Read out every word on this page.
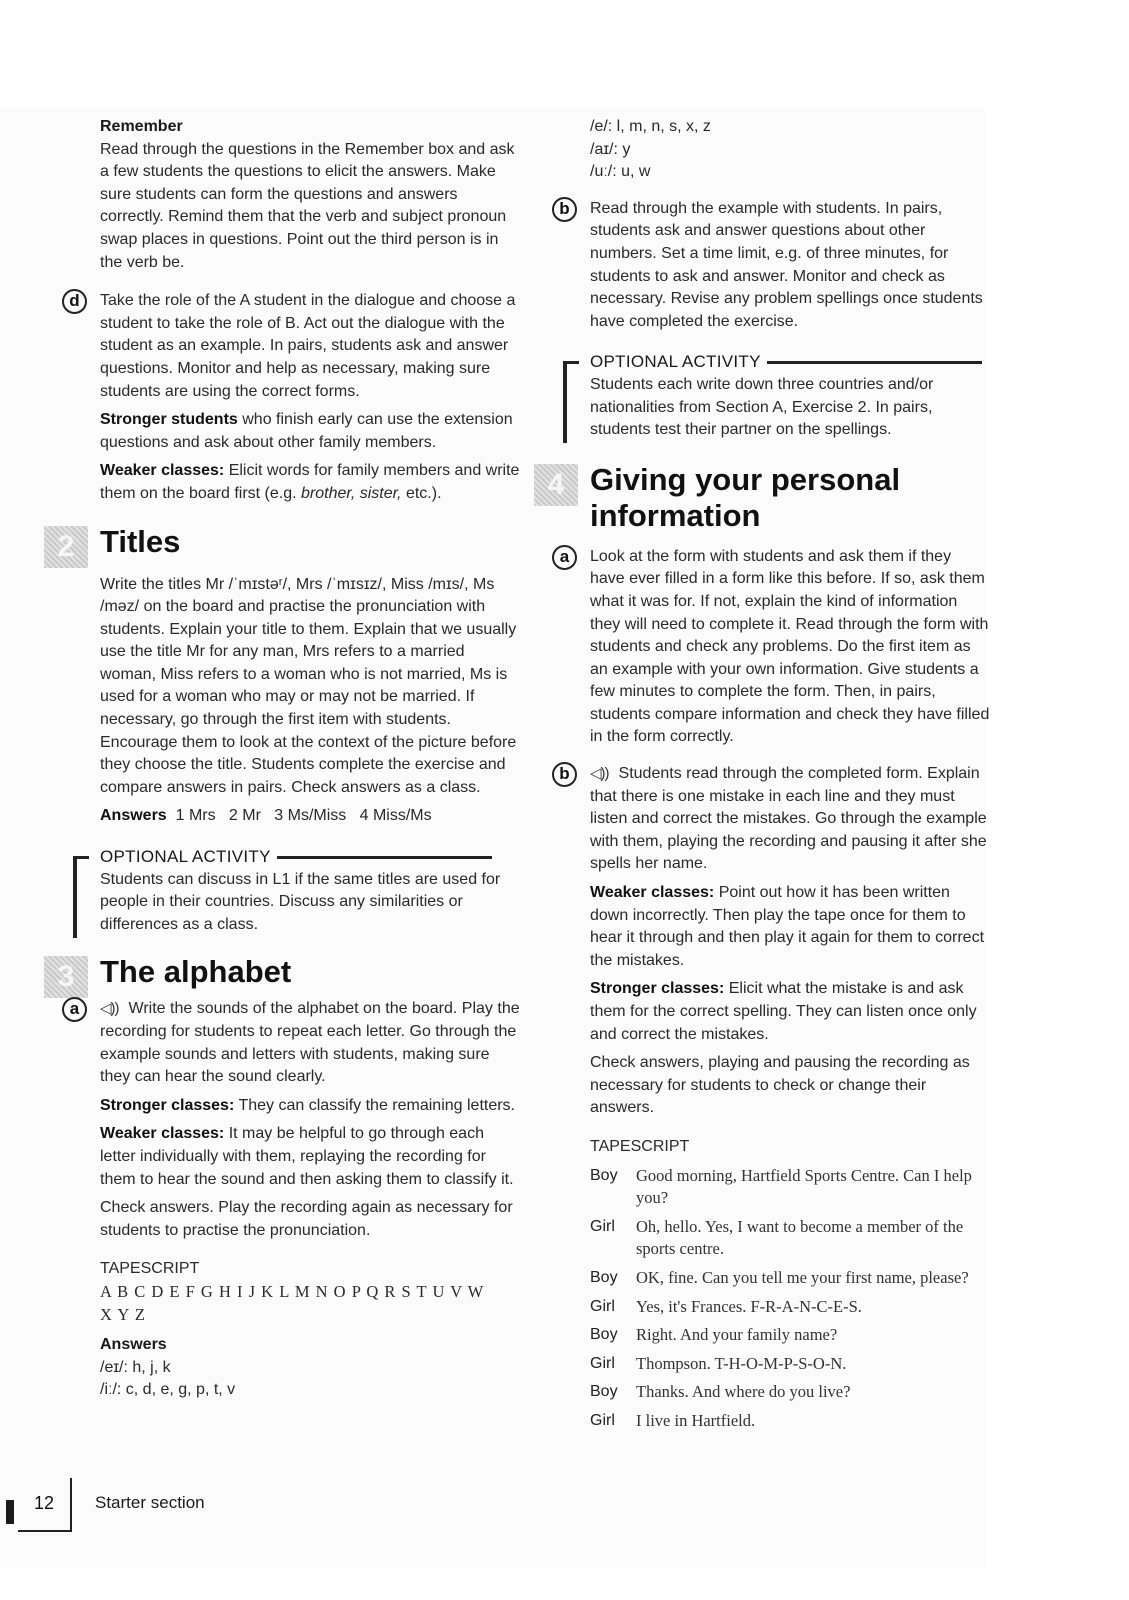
Remember

Read through the questions in the Remember box and ask a few students the questions to elicit the answers. Make sure students can form the questions and answers correctly. Remind them that the verb and subject pronoun swap places in questions. Point out the third person is in the verb be.

d	Take the role of the A student in the dialogue and choose a student to take the role of B. Act out the dialogue with the student as an example. In pairs, students ask and answer questions. Monitor and help as necessary, making sure students are using the correct forms.

Stronger students who finish early can use the extension questions and ask about other family members.

Weaker classes: Elicit words for family members and write them on the board first (e.g. brother, sister, etc.).

2 Titles

Write the titles Mr /ˈmɪstəʳ/, Mrs /ˈmɪsɪz/, Miss /mɪs/, Ms /məz/ on the board and practise the pronunciation with students. Explain your title to them. Explain that we usually use the title Mr for any man, Mrs refers to a married woman, Miss refers to a woman who is not married, Ms is used for a woman who may or may not be married. If necessary, go through the first item with students. Encourage them to look at the context of the picture before they choose the title. Students complete the exercise and compare answers in pairs. Check answers as a class.

Answers 1 Mrs   2 Mr   3 Ms/Miss   4 Miss/Ms

OPTIONAL ACTIVITY

Students can discuss in L1 if the same titles are used for people in their countries. Discuss any similarities or differences as a class.

3 The alphabet
a	◁)) Write the sounds of the alphabet on the board. Play the recording for students to repeat each letter. Go through the example sounds and letters with students, making sure they can hear the sound clearly.

Stronger classes: They can classify the remaining letters.

Weaker classes: It may be helpful to go through each letter individually with them, replaying the recording for them to hear the sound and then asking them to classify it.

Check answers. Play the recording again as necessary for students to practise the pronunciation.

TAPESCRIPT

A B C D E F G H I J K L M N O P Q R S T U V W

X Y Z

Answers

/eɪ/: h, j, k

/iː/: c, d, e, g, p, t, v

/e/: l, m, n, s, x, z

/aɪ/: y

/uː/: u, w

b	Read through the example with students. In pairs, students ask and answer questions about other numbers. Set a time limit, e.g. of three minutes, for students to ask and answer. Monitor and check as necessary. Revise any problem spellings once students have completed the exercise.

OPTIONAL ACTIVITY

Students each write down three countries and/or nationalities from Section A, Exercise 2. In pairs, students test their partner on the spellings.

4 Giving your personal
information
a	Look at the form with students and ask them if they have ever filled in a form like this before. If so, ask them what it was for. If not, explain the kind of information they will need to complete it. Read through the form with students and check any problems. Do the first item as an example with your own information. Give students a few minutes to complete the form. Then, in pairs, students compare information and check they have filled in the form correctly.

b	◁)) Students read through the completed form. Explain that there is one mistake in each line and they must listen and correct the mistakes. Go through the example with them, playing the recording and pausing it after she spells her name.

Weaker classes: Point out how it has been written down incorrectly. Then play the tape once for them to hear it through and then play it again for them to correct the mistakes.

Stronger classes: Elicit what the mistake is and ask them for the correct spelling. They can listen once only and correct the mistakes.

Check answers, playing and pausing the recording as necessary for students to check or change their answers.

TAPESCRIPT

Boy	Good morning, Hartfield Sports Centre. Can I help you?
Girl	Oh, hello. Yes, I want to become a member of the sports centre.
Boy	OK, fine. Can you tell me your first name, please?
Girl	Yes, it's Frances. F-R-A-N-C-E-S.
Boy	Right. And your family name?
Girl	Thompson. T-H-O-M-P-S-O-N.
Boy	Thanks. And where do you live?
Girl	I live in Hartfield.
12 Starter section
